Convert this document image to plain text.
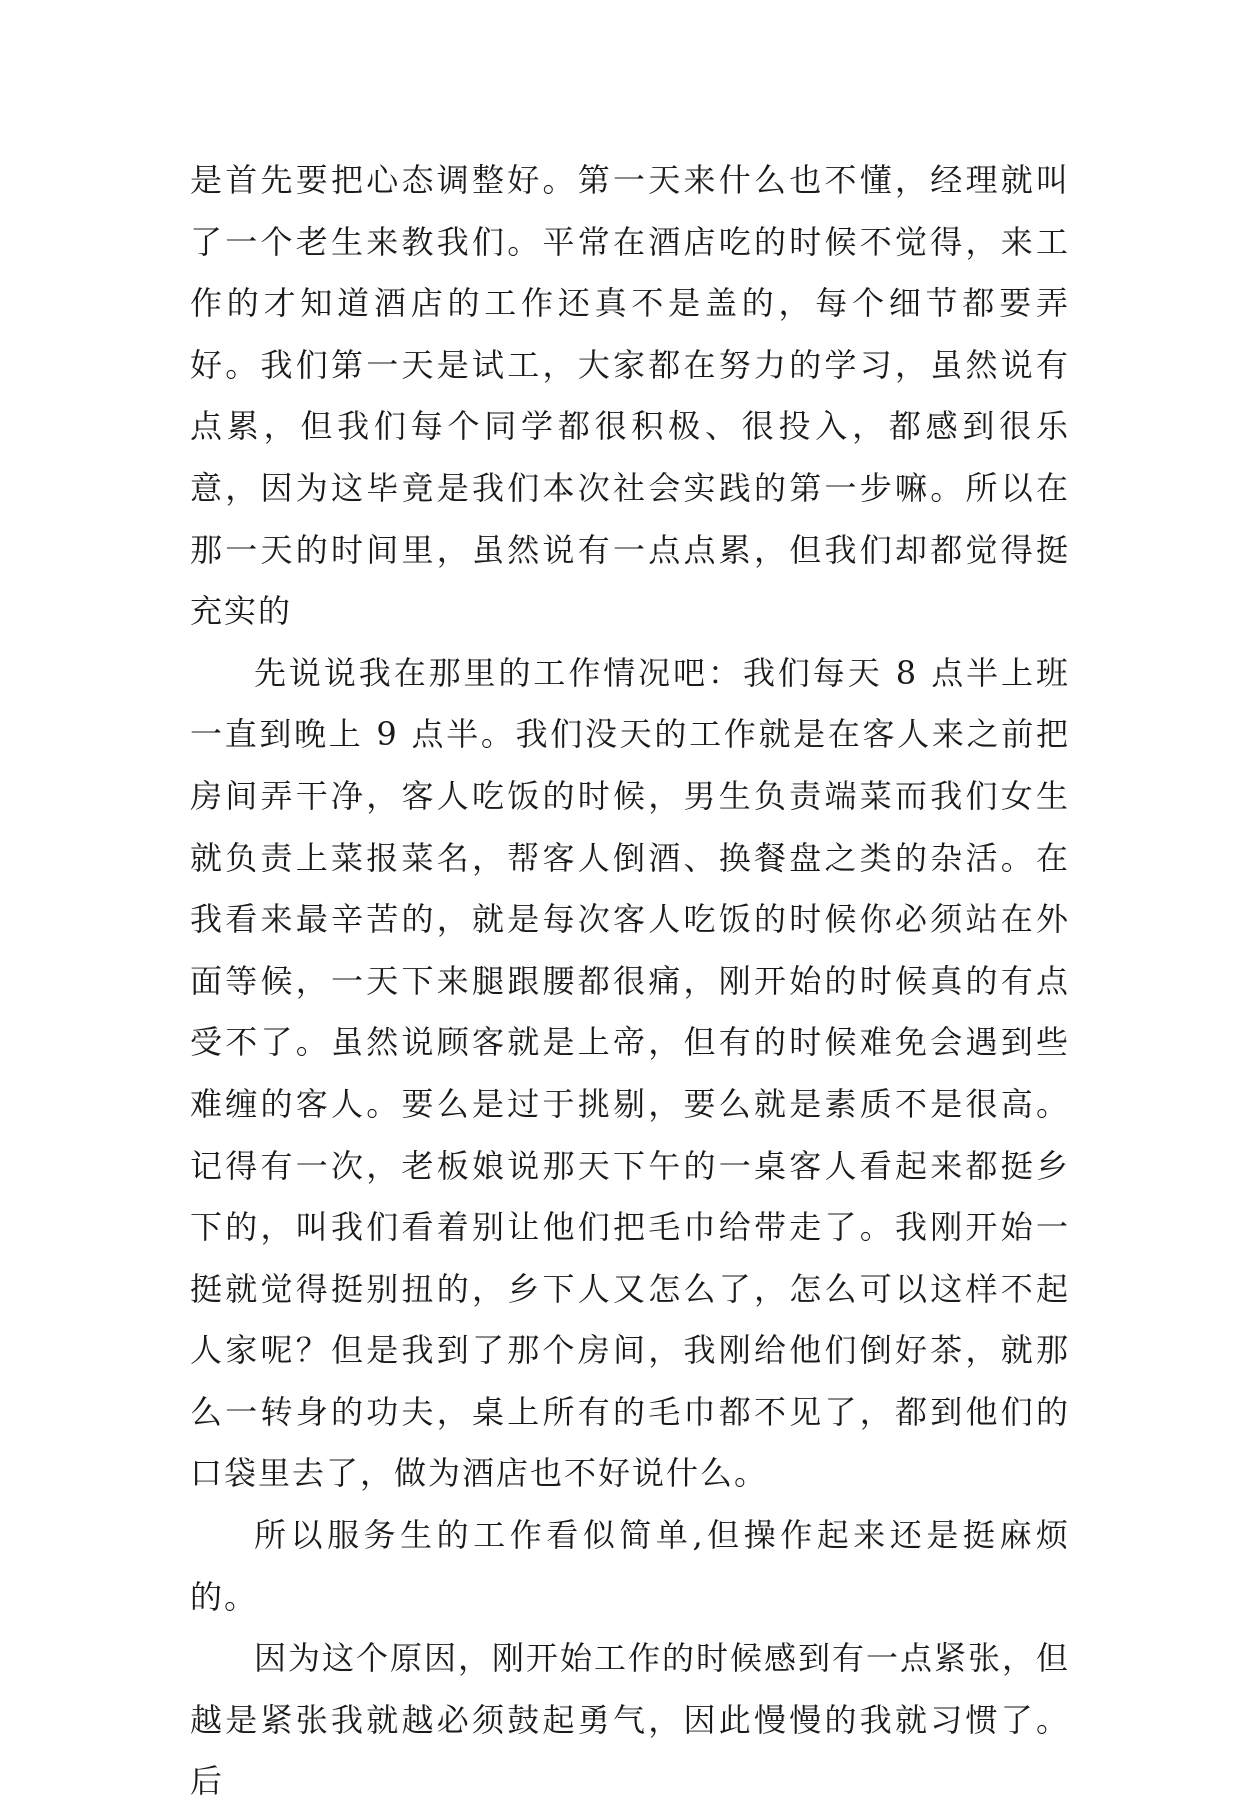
是首先要把心态调整好。第一天来什么也不懂，经理就叫了一个老生来教我们。平常在酒店吃的时候不觉得，来工作的才知道酒店的工作还真不是盖的，每个细节都要弄好。我们第一天是试工，大家都在努力的学习，虽然说有点累，但我们每个同学都很积极、很投入，都感到很乐意，因为这毕竟是我们本次社会实践的第一步嘛。所以在那一天的时间里，虽然说有一点点累，但我们却都觉得挺充实的

先说说我在那里的工作情况吧：我们每天 8 点半上班一直到晚上 9 点半。我们没天的工作就是在客人来之前把房间弄干净，客人吃饭的时候，男生负责端菜而我们女生就负责上菜报菜名，帮客人倒酒、换餐盘之类的杂活。在我看来最辛苦的，就是每次客人吃饭的时候你必须站在外面等候，一天下来腿跟腰都很痛，刚开始的时候真的有点受不了。虽然说顾客就是上帝，但有的时候难免会遇到些难缠的客人。要么是过于挑剔，要么就是素质不是很高。记得有一次，老板娘说那天下午的一桌客人看起来都挺乡下的，叫我们看着别让他们把毛巾给带走了。我刚开始一挺就觉得挺别扭的，乡下人又怎么了，怎么可以这样不起人家呢？但是我到了那个房间，我刚给他们倒好茶，就那么一转身的功夫，桌上所有的毛巾都不见了，都到他们的口袋里去了，做为酒店也不好说什么。

所以服务生的工作看似简单,但操作起来还是挺麻烦的。

因为这个原因，刚开始工作的时候感到有一点紧张，但越是紧张我就越必须鼓起勇气，因此慢慢的我就习惯了。后
